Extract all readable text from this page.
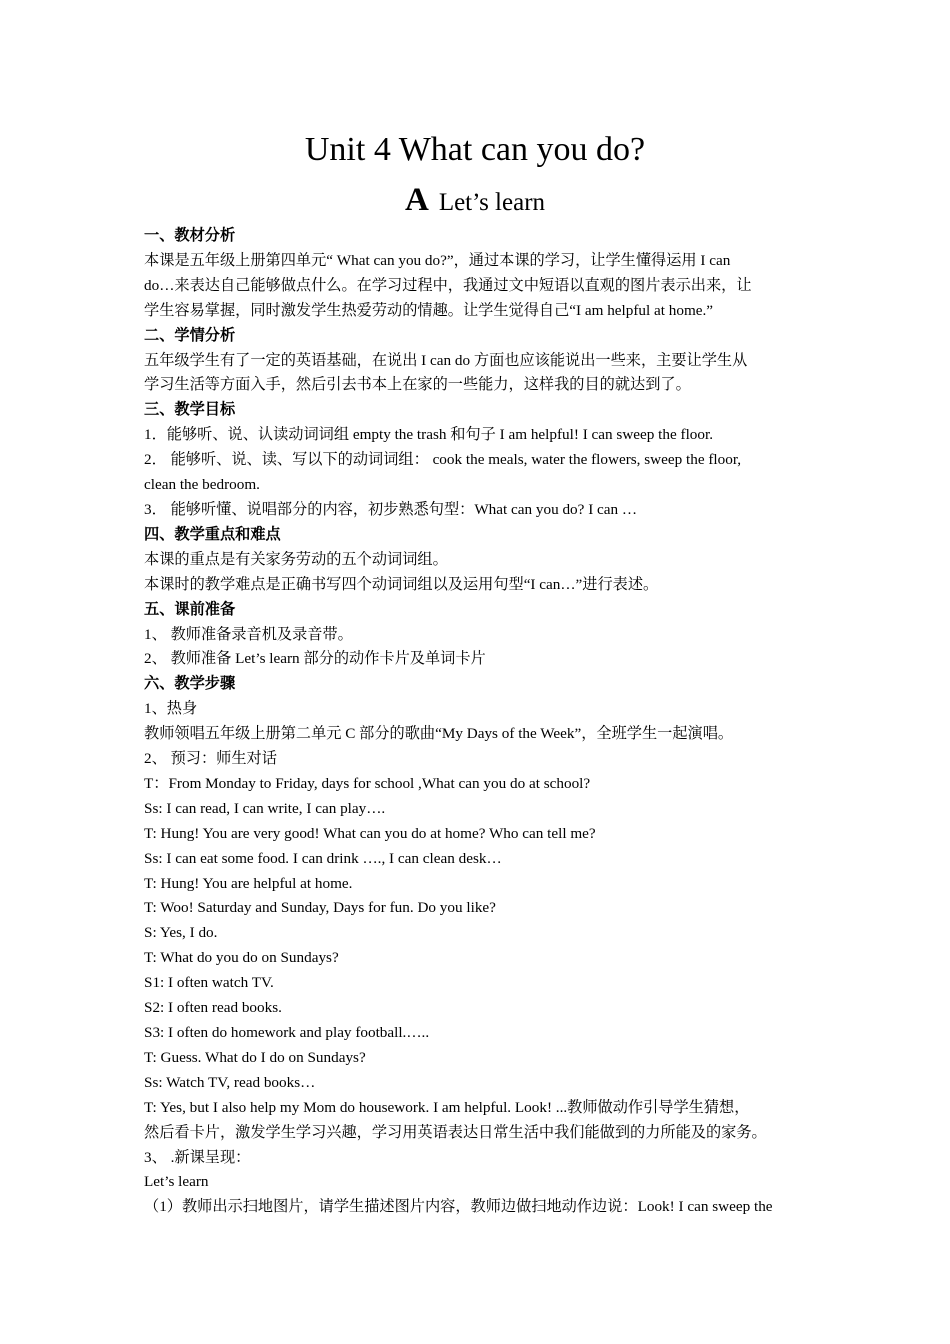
Unit 4 What can you do?
A Let’s learn
一、教材分析
本课是五年级上册第四单元“ What can you do?”，通过本课的学习，让学生懂得运用 I can
do…来表达自己能够做点什么。在学习过程中，我通过文中短语以直观的图片表示出来，让
学生容易掌握，同时激发学生热爱劳动的情趣。让学生觉得自己“I am helpful at home.”
二、学情分析
五年级学生有了一定的英语基础，在说出 I can do 方面也应该能说出一些来，主要让学生从
学习生活等方面入手，然后引去书本上在家的一些能力，这样我的目的就达到了。
三、教学目标
1．能够听、说、认读动词词组 empty the trash 和句子 I am helpful! I can sweep the floor.
2． 能够听、说、读、写以下的动词词组： cook the meals, water the flowers, sweep the floor,
clean the bedroom.
3． 能够听懂、说唱部分的内容，初步熟悉句型：What can you do? I can …
四、教学重点和难点
本课的重点是有关家务劳动的五个动词词组。
本课时的教学难点是正确书写四个动词词组以及运用句型“I can…”进行表述。
五、课前准备
1、 教师准备录音机及录音带。
2、 教师准备 Let’s learn 部分的动作卡片及单词卡片
六、教学步骤
1、热身
教师领唱五年级上册第二单元 C 部分的歌曲“My Days of the Week”，全班学生一起演唱。
2、 预习：师生对话
T：From Monday to Friday, days for school ,What can you do at school?
Ss: I can read, I can write, I can play….
T: Hung! You are very good! What can you do at home? Who can tell me?
Ss: I can eat some food. I can drink …., I can clean desk…
T: Hung! You are helpful at home.
T: Woo! Saturday and Sunday, Days for fun. Do you like?
S: Yes, I do.
T: What do you do on Sundays?
S1: I often watch TV.
S2: I often read books.
S3: I often do homework and play football.…..
T: Guess. What do I do on Sundays?
Ss: Watch TV, read books…
T: Yes, but I also help my Mom do housework. I am helpful. Look! ...教师做动作引导学生猜想，
然后看卡片，激发学生学习兴趣，学习用英语表达日常生活中我们能做到的力所能及的家务。
3、 .新课呈现：
Let’s learn
（1）教师出示扫地图片，请学生描述图片内容，教师边做扫地动作边说：Look! I can sweep the
